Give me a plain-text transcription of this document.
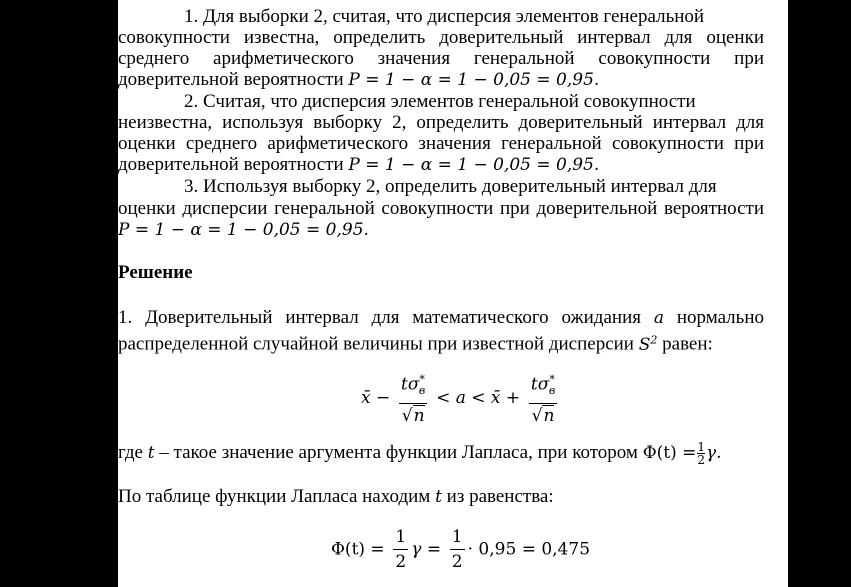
1. Для выборки 2, считая, что дисперсия элементов генеральной

совокупности известна, определить доверительный интервал для оценки

среднего арифметического значения генеральной совокупности при

доверительной вероятности P = 1 − α = 1 − 0,05 = 0,95.

2. Считая, что дисперсия элементов генеральной совокупности

неизвестна, используя выборку 2, определить доверительный интервал для

оценки среднего арифметического значения генеральной совокупности при

доверительной вероятности P = 1 − α = 1 − 0,05 = 0,95.

3. Используя выборку 2, определить доверительный интервал для

оценки дисперсии генеральной совокупности при доверительной вероятности

P = 1 − α = 1 − 0,05 = 0,95.

Решение

1. Доверительный интервал для математического ожидания a нормально

распределенной случайной величины при известной дисперсии $S^2$ равен:

x̄ − $\frac{t\sigma^*_в}{√n} < a$ < x̄ + $\frac{t\sigma^*_в}{√n}$

где t – такое значение аргумента функции Лапласа, при котором $\Phi(t) = \frac{1}{2}\gamma$.

По таблице функции Лапласа находим t из равенства:

$\Phi(t) = \frac{1}{2}$ $\gamma = \frac{1}{2} \cdot 0,95 = 0,475$
